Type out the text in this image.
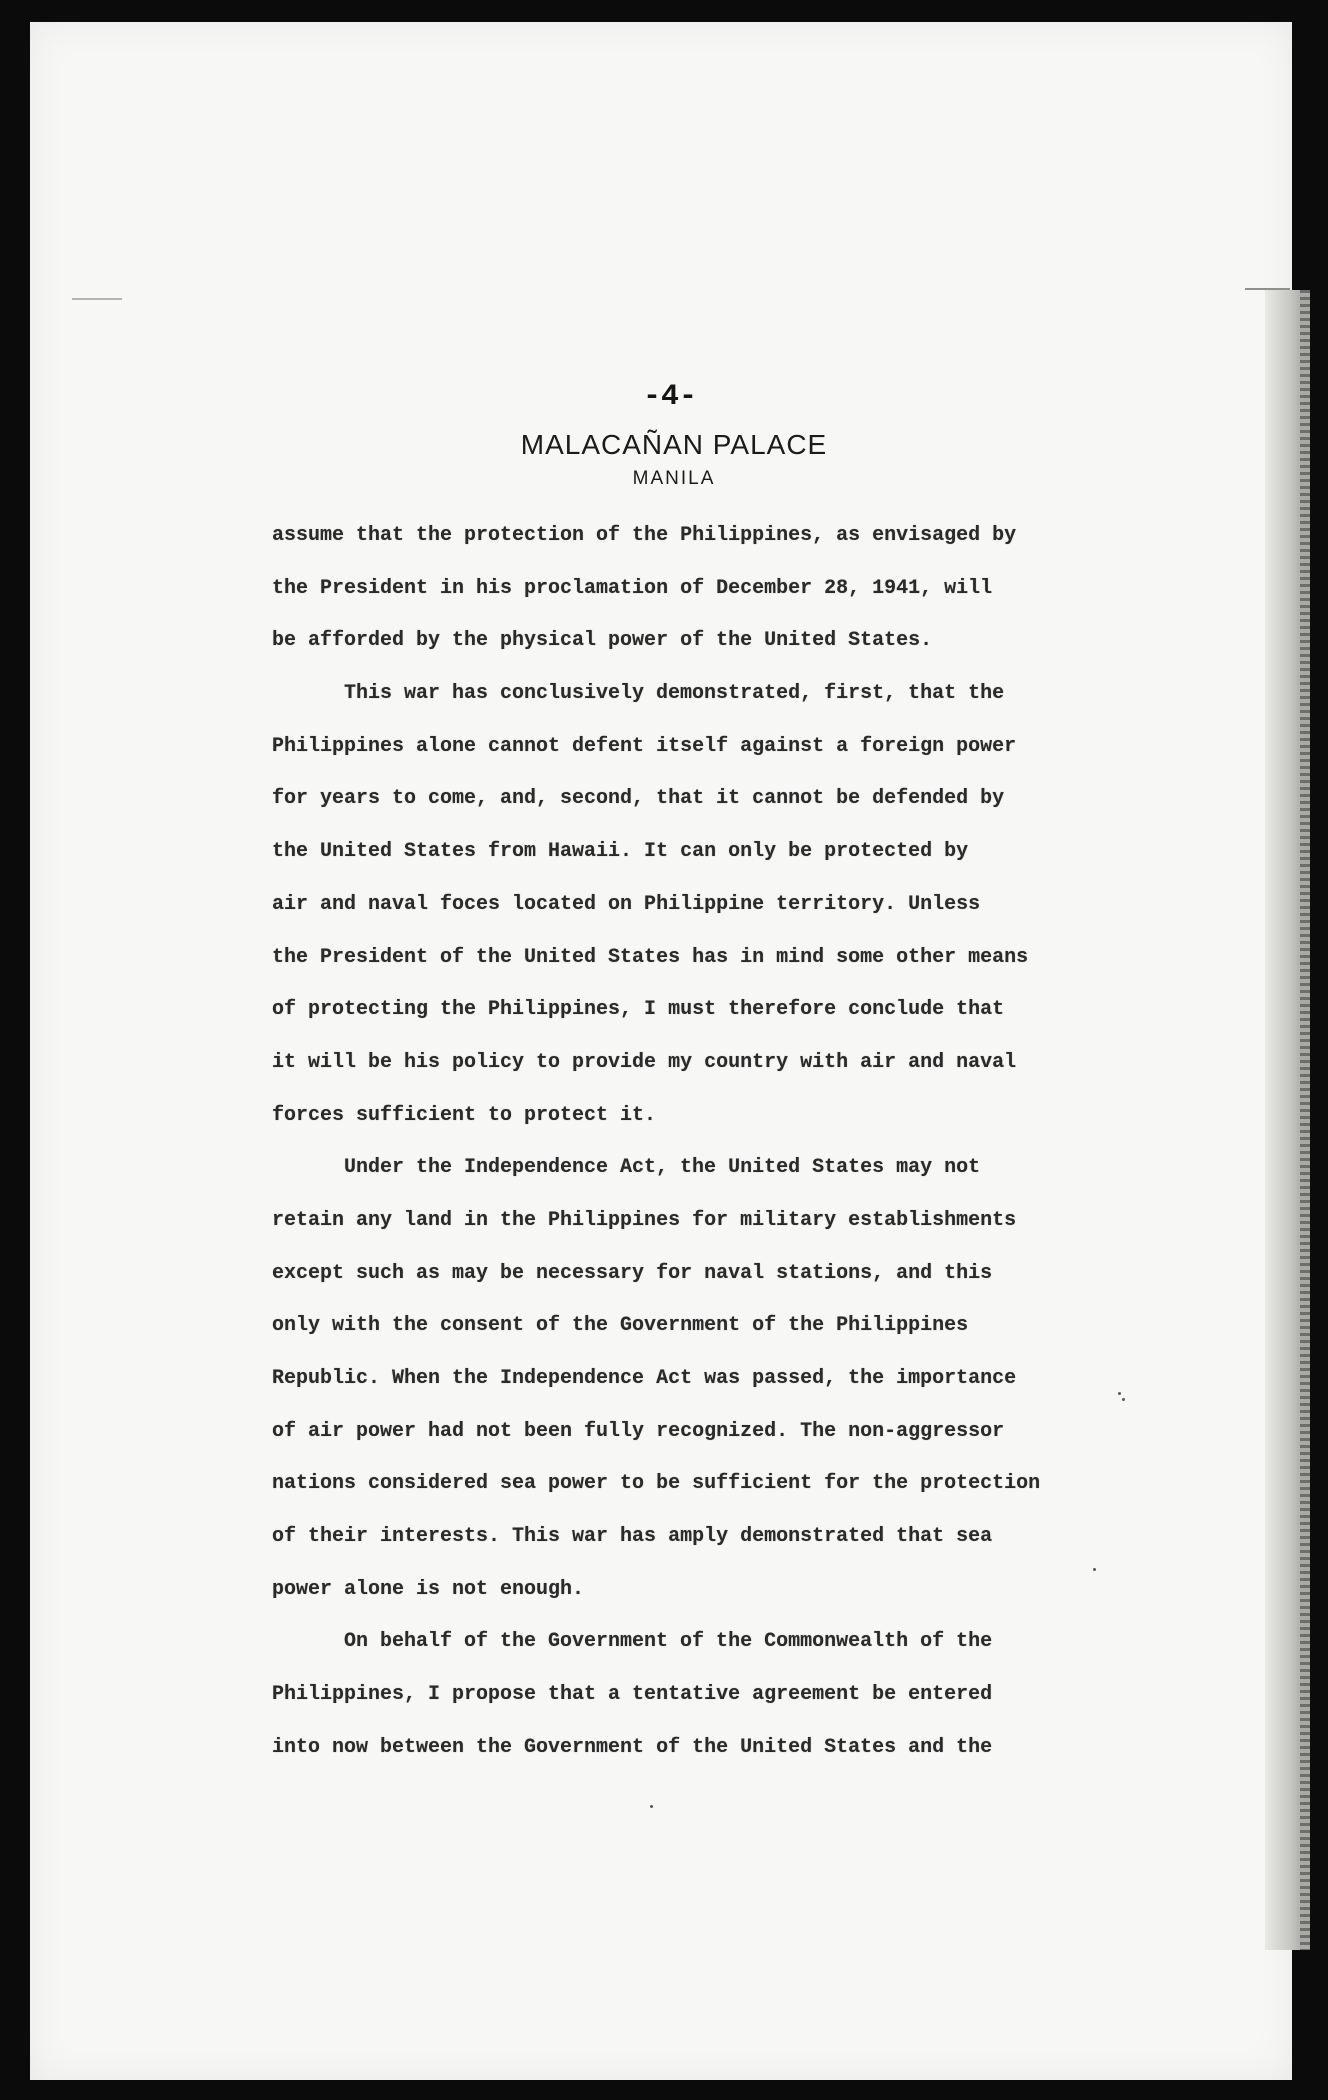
-4-
MALACAÑAN PALACE
MANILA
assume that the protection of the Philippines, as envisaged by
the President in his proclamation of December 28, 1941, will
be afforded by the physical power of the United States.
This war has conclusively demonstrated, first, that the
Philippines alone cannot defent itself against a foreign power
for years to come, and, second, that it cannot be defended by
the United States from Hawaii. It can only be protected by
air and naval foces located on Philippine territory. Unless
the President of the United States has in mind some other means
of protecting the Philippines, I must therefore conclude that
it will be his policy to provide my country with air and naval
forces sufficient to protect it.
Under the Independence Act, the United States may not
retain any land in the Philippines for military establishments
except such as may be necessary for naval stations, and this
only with the consent of the Government of the Philippines
Republic. When the Independence Act was passed, the importance
of air power had not been fully recognized. The non-aggressor
nations considered sea power to be sufficient for the protection
of their interests. This war has amply demonstrated that sea
power alone is not enough.
On behalf of the Government of the Commonwealth of the
Philippines, I propose that a tentative agreement be entered
into now between the Government of the United States and the
